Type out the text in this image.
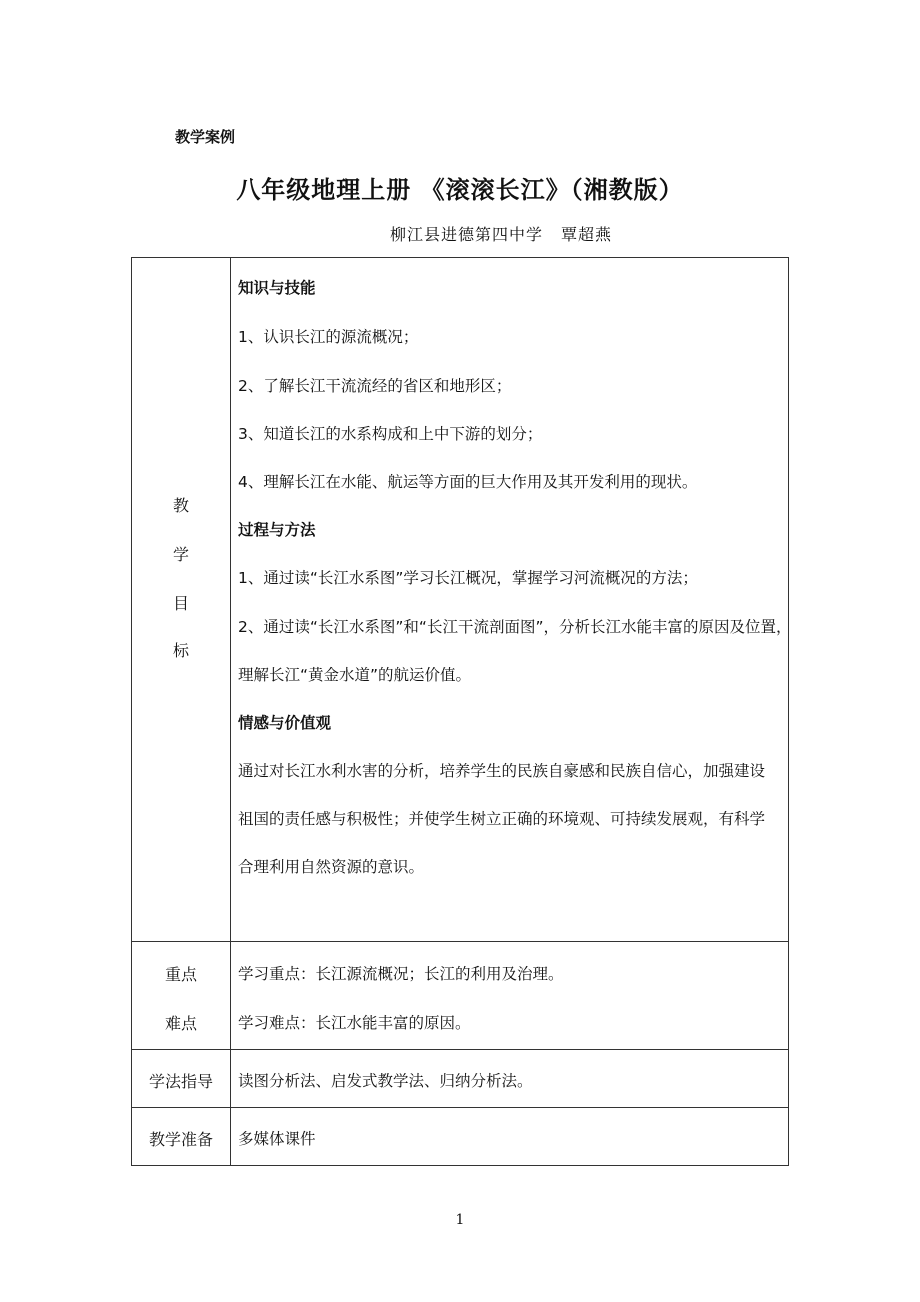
教学案例
八年级地理上册 《滚滚长江》（湘教版）
柳江县进德第四中学 覃超燕
教
学
目
标
知识与技能
1、认识长江的源流概况；
2、了解长江干流流经的省区和地形区；
3、知道长江的水系构成和上中下游的划分；
4、理解长江在水能、航运等方面的巨大作用及其开发利用的现状。
过程与方法
1、通过读“长江水系图”学习长江概况，掌握学习河流概况的方法；
2、通过读“长江水系图”和“长江干流剖面图”，分析长江水能丰富的原因及位置，
理解长江“黄金水道”的航运价值。
情感与价值观
通过对长江水利水害的分析，培养学生的民族自豪感和民族自信心，加强建设
祖国的责任感与积极性；并使学生树立正确的环境观、可持续发展观，有科学
合理利用自然资源的意识。
重点
难点
学习重点：长江源流概况；长江的利用及治理。
学习难点：长江水能丰富的原因。
学法指导	读图分析法、启发式教学法、归纳分析法。
教学准备	多媒体课件
1
